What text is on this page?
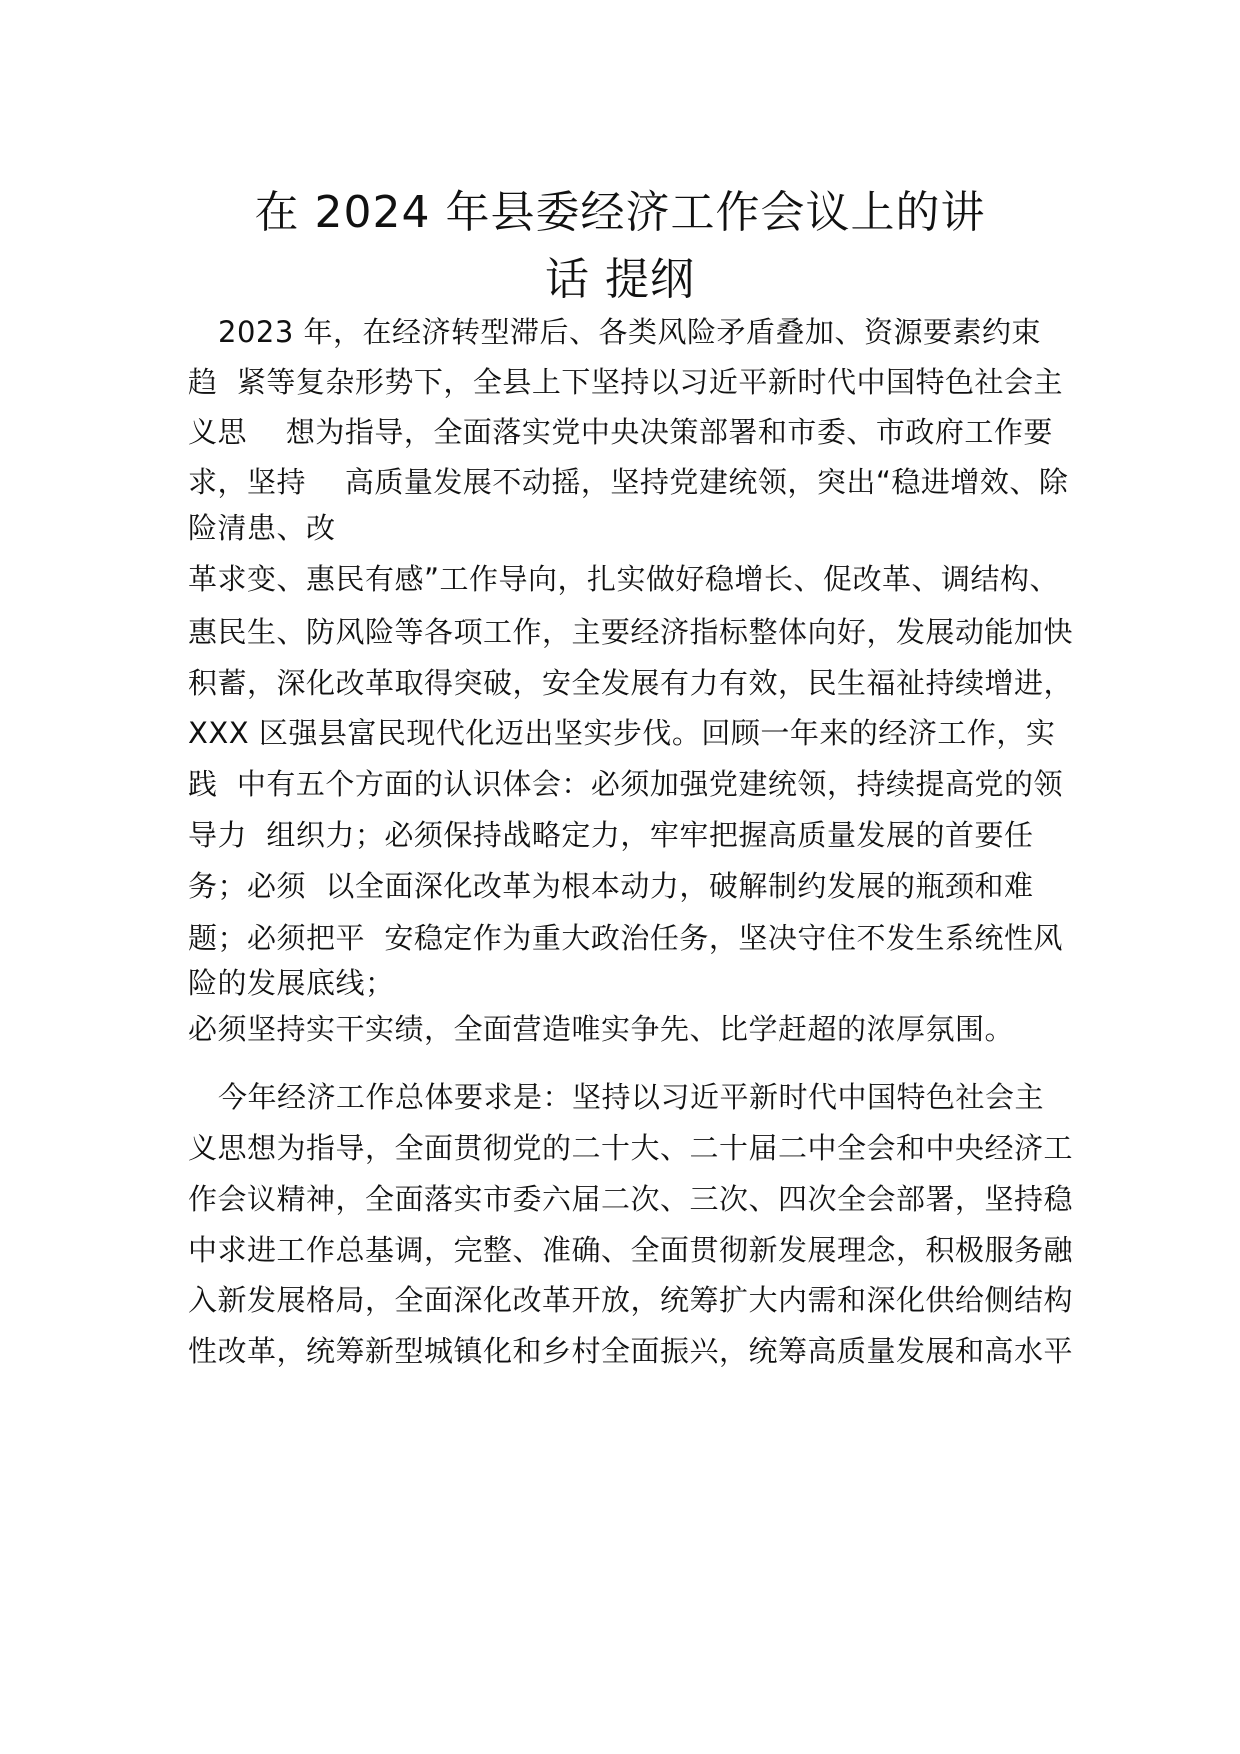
在 2024 年县委经济工作会议上的讲
话 提纲
2023 年，在经济转型滞后、各类风险矛盾叠加、资源要素约束
趋  紧等复杂形势下，全县上下坚持以习近平新时代中国特色社会主
义思    想为指导，全面落实党中央决策部署和市委、市政府工作要
求，坚持    高质量发展不动摇，坚持党建统领，突出“稳进增效、除
险清患、改
革求变、惠民有感”工作导向，扎实做好稳增长、促改革、调结构、
惠民生、防风险等各项工作，主要经济指标整体向好，发展动能加快
积蓄，深化改革取得突破，安全发展有力有效，民生福祉持续增进，
XXX 区强县富民现代化迈出坚实步伐。回顾一年来的经济工作，实
践  中有五个方面的认识体会：必须加强党建统领，持续提高党的领
导力  组织力；必须保持战略定力，牢牢把握高质量发展的首要任
务；必须  以全面深化改革为根本动力，破解制约发展的瓶颈和难
题；必须把平  安稳定作为重大政治任务，坚决守住不发生系统性风
险的发展底线；
必须坚持实干实绩，全面营造唯实争先、比学赶超的浓厚氛围。
今年经济工作总体要求是：坚持以习近平新时代中国特色社会主
义思想为指导，全面贯彻党的二十大、二十届二中全会和中央经济工
作会议精神，全面落实市委六届二次、三次、四次全会部署，坚持稳
中求进工作总基调，完整、准确、全面贯彻新发展理念，积极服务融
入新发展格局，全面深化改革开放，统筹扩大内需和深化供给侧结构
性改革，统筹新型城镇化和乡村全面振兴，统筹高质量发展和高水平
